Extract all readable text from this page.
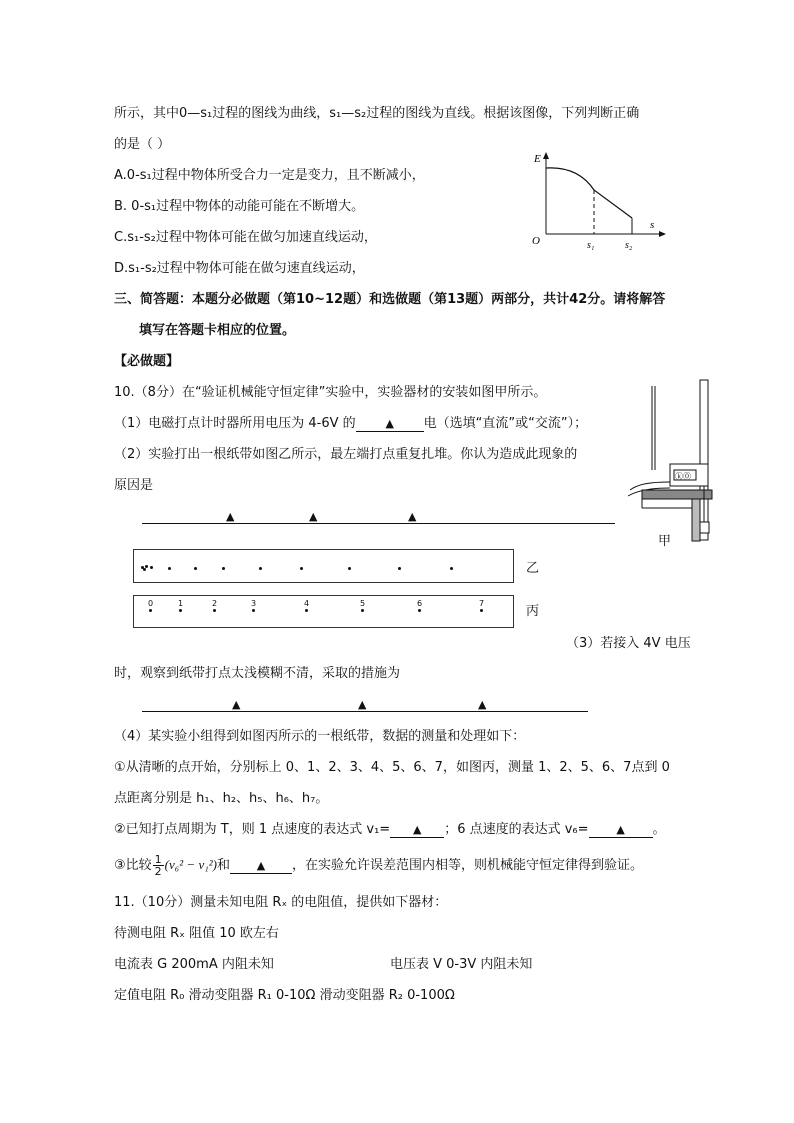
所示，其中0—s₁过程的图线为曲线，s₁—s₂过程的图线为直线。根据该图像，下列判断正确
的是（ ）
A.0-s₁过程中物体所受合力一定是变力，且不断减小，
B. 0-s₁过程中物体的动能可能在不断增大。
C.s₁-s₂过程中物体可能在做匀加速直线运动，
D.s₁-s₂过程中物体可能在做匀速直线运动，
E
s
O	s₁	s₂
三、简答题：本题分必做题（第10~12题）和选做题（第13题）两部分，共计42分。请将解答
填写在答题卡相应的位置。
【必做题】
10.（8分）在“验证机械能守恒定律”实验中，实验器材的安装如图甲所示。
（1）电磁打点计时器所用电压为 4-6V 的	▲ 电（选填“直流”或“交流”）；
（2）实验打出一根纸带如图乙所示，最左端打点重复扎堆。你认为造成此现象的
原因是
▲	▲	▲
ⓚ⓪
甲
乙
0	1	2	3	4	5	6	7
丙
（3）若接入 4V 电压
时，观察到纸带打点太浅模糊不清，采取的措施为
▲	▲	▲
（4）某实验小组得到如图丙所示的一根纸带，数据的测量和处理如下：
①从清晰的点开始，分别标上 0、1、2、3、4、5、6、7，如图丙，测量 1、2、5、6、7点到 0
点距离分别是 h₁、h₂、h₅、h₆、h₇。
②已知打点周期为 T，则 1 点速度的表达式 v₁= ▲ ；6 点速度的表达式 v₆=	▲ 。
③比较 $\frac{1}{2} (v_6^2 - v_1^2)$和 ▲ ，在实验允许误差范围内相等，则机械能守恒定律得到验证。
11.（10分）测量未知电阻 Rₓ 的电阻值，提供如下器材：
待测电阻 Rₓ 阻值 10 欧左右
电流表 G 200mA 内阻未知	电压表 V 0-3V 内阻未知
定值电阻 R₀ 滑动变阻器 R₁ 0-10Ω 滑动变阻器 R₂ 0-100Ω
